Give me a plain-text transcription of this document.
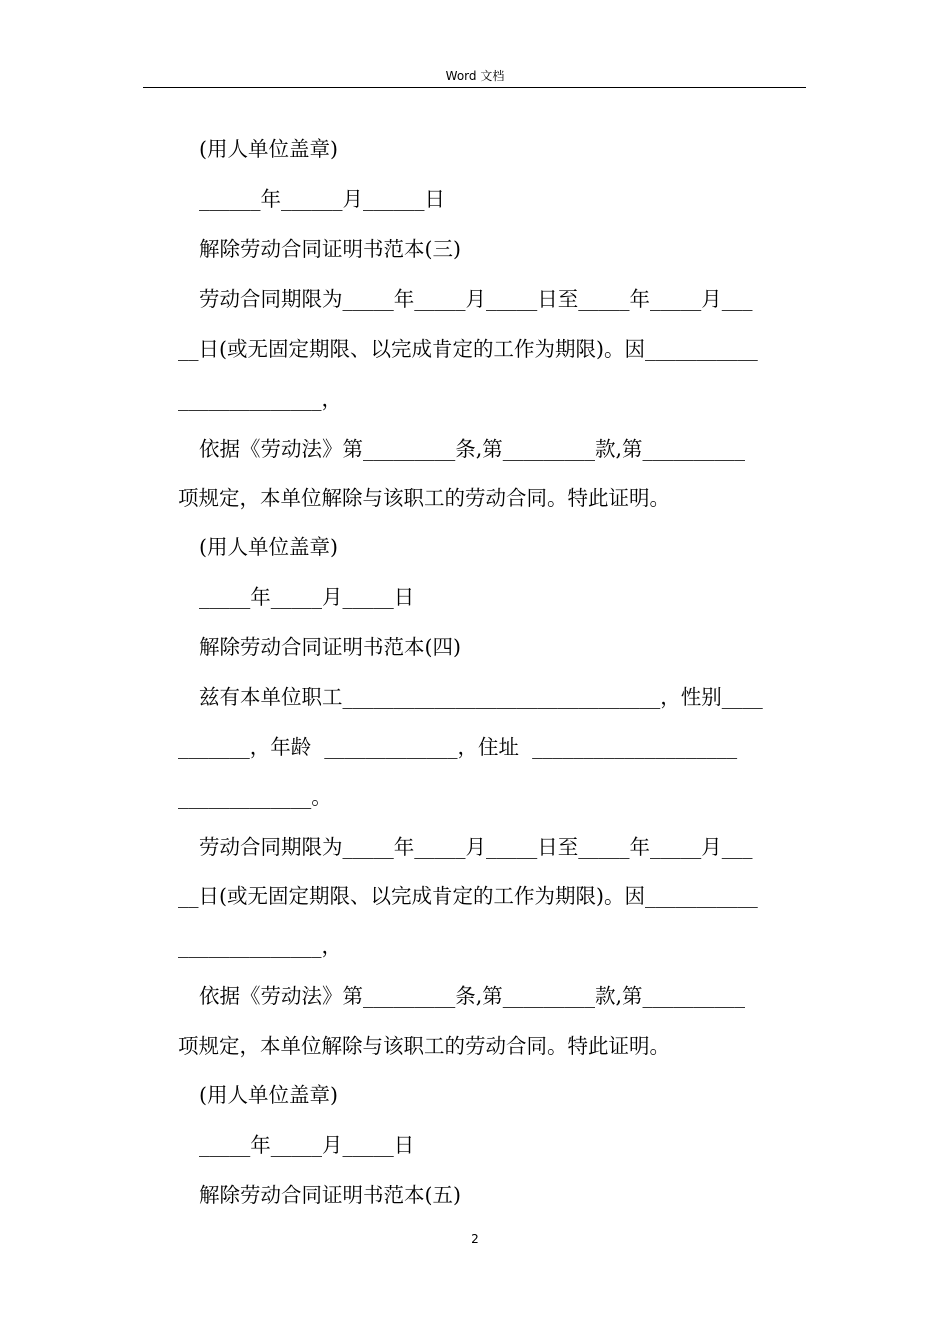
Word 文档
(用人单位盖章)
______年______月______日
解除劳动合同证明书范本(三)
劳动合同期限为_____年_____月_____日至_____年_____月___
__日(或无固定期限、以完成肯定的工作为期限)。因___________
______________，
依据《劳动法》第_________条,第_________款,第__________
项规定，本单位解除与该职工的劳动合同。特此证明。
(用人单位盖章)
_____年_____月_____日
解除劳动合同证明书范本(四)
兹有本单位职工_______________________________，性别____
_______，年龄  _____________，住址  ____________________
_____________。
劳动合同期限为_____年_____月_____日至_____年_____月___
__日(或无固定期限、以完成肯定的工作为期限)。因___________
______________，
依据《劳动法》第_________条,第_________款,第__________
项规定，本单位解除与该职工的劳动合同。特此证明。
(用人单位盖章)
_____年_____月_____日
解除劳动合同证明书范本(五)
2
